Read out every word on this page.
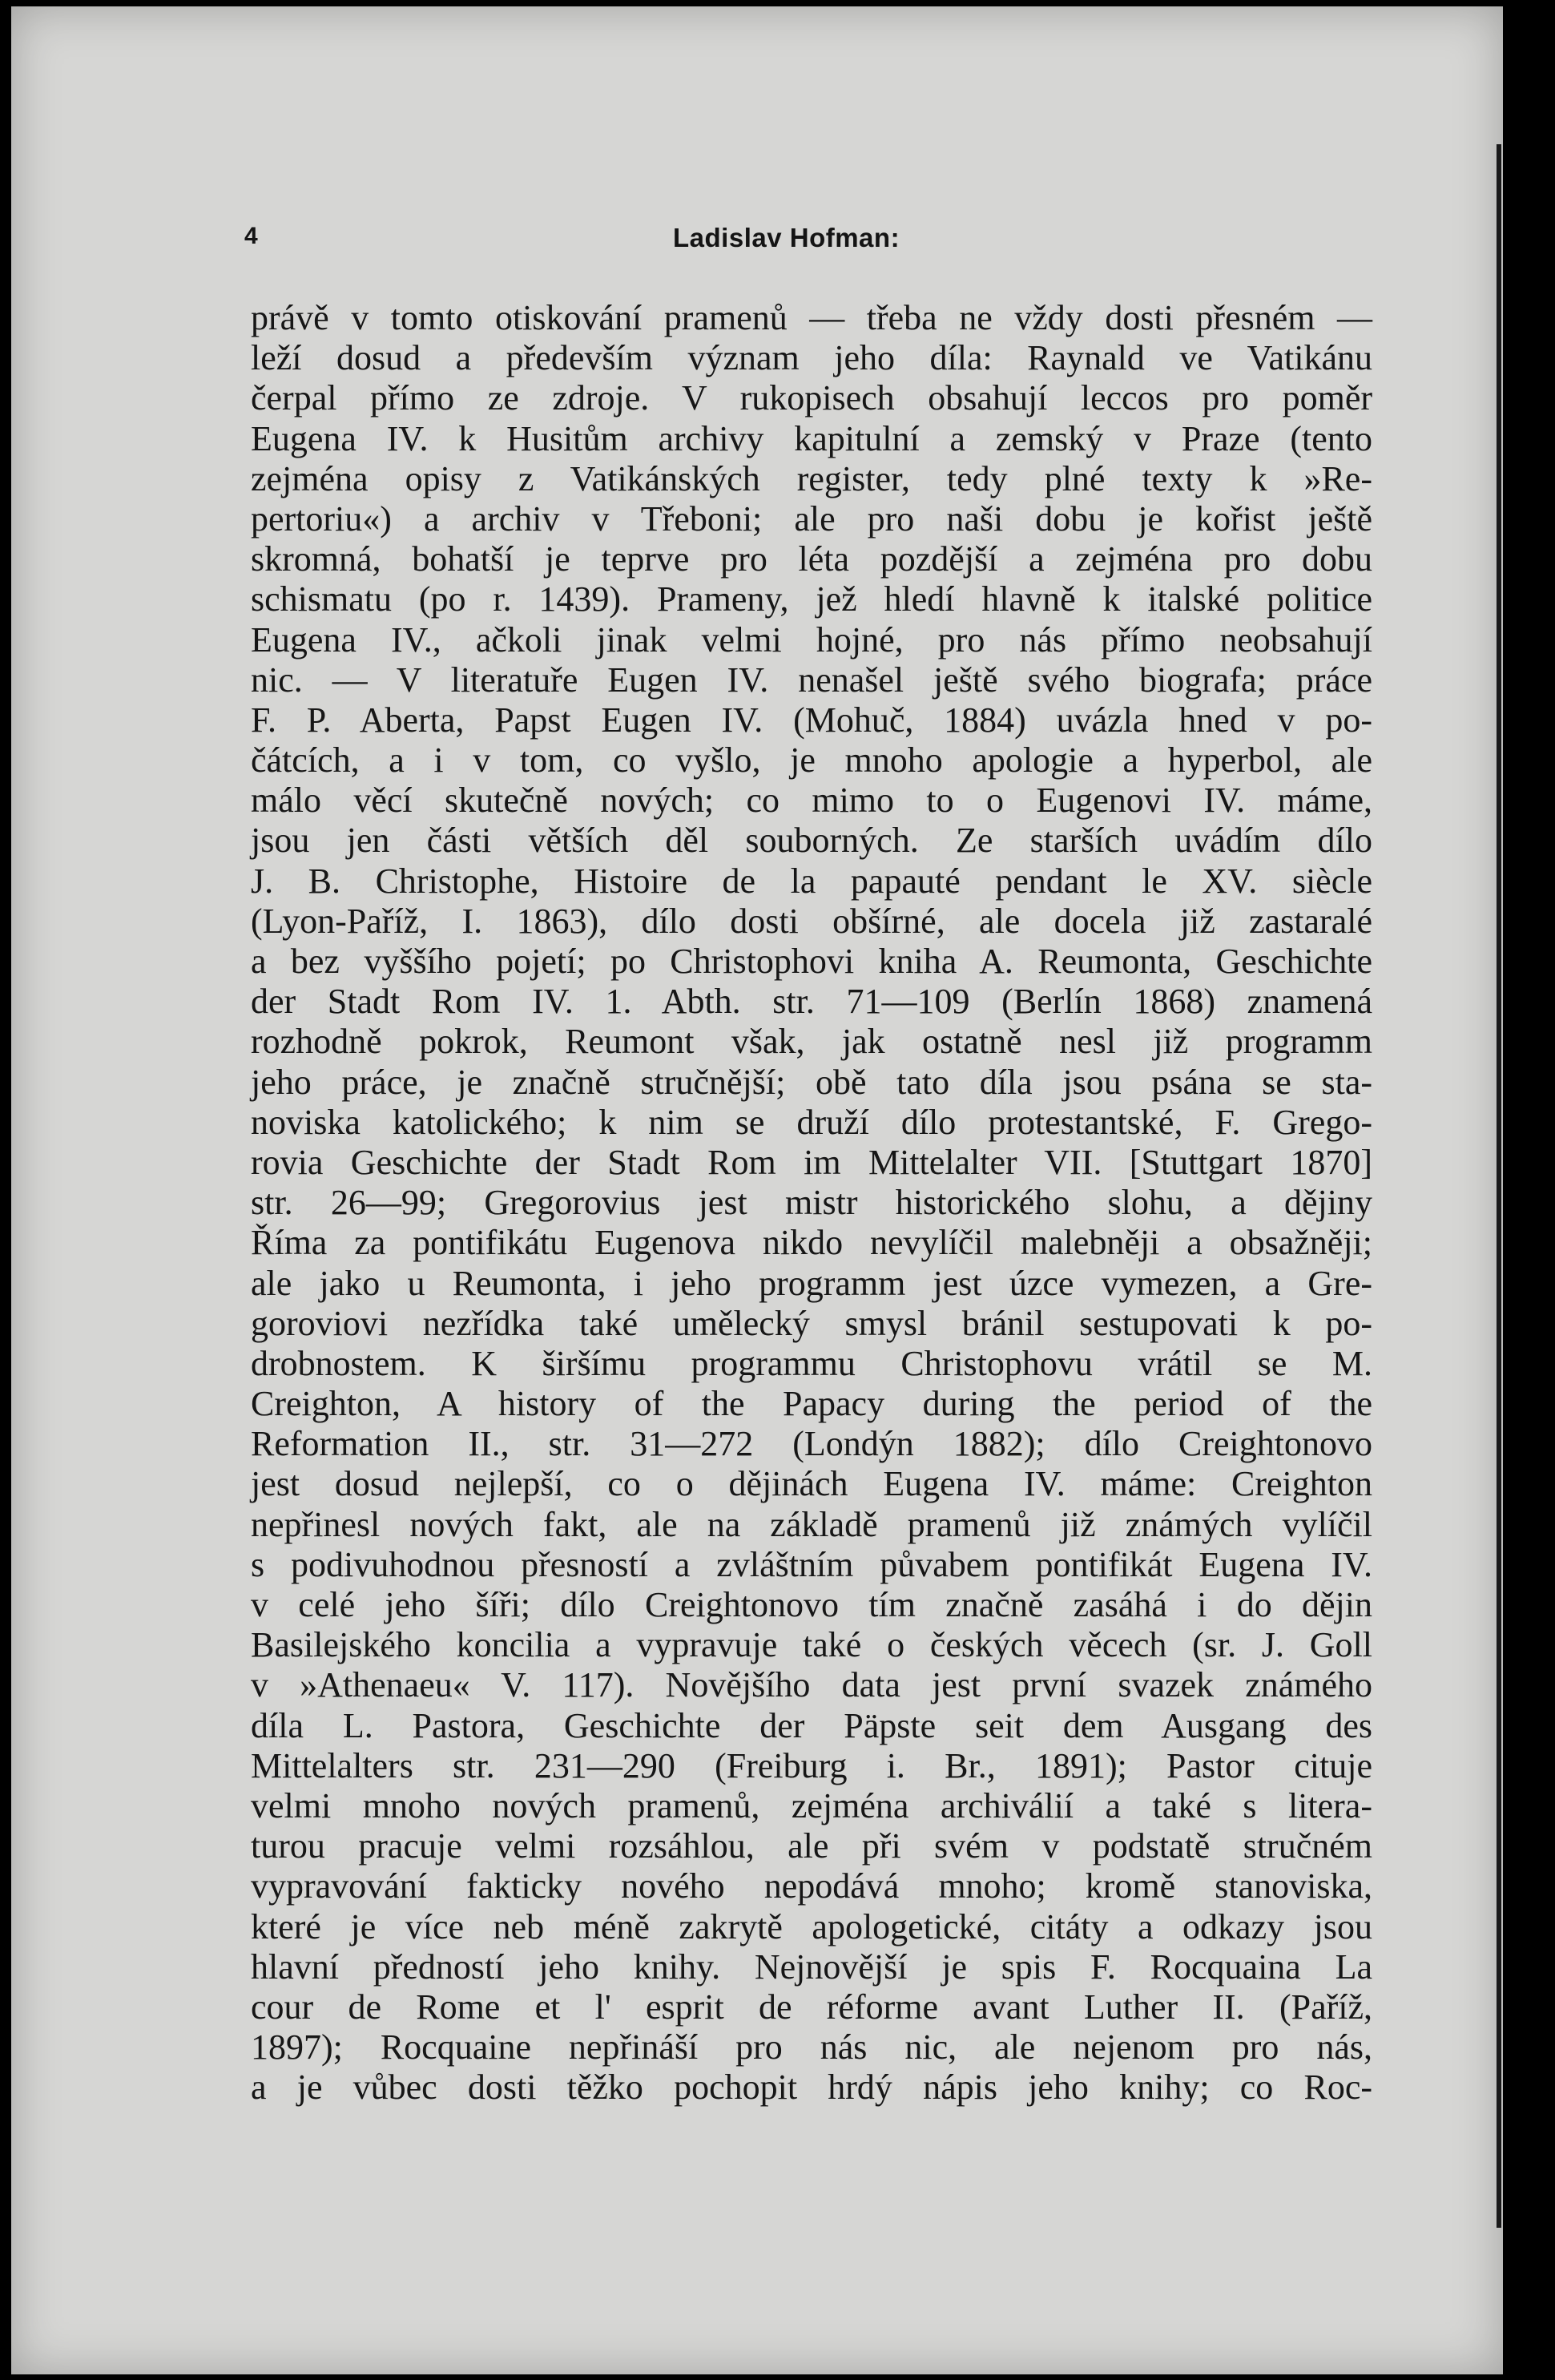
4	Ladislav Hofman:
právě v tomto otiskování pramenů — třeba ne vždy dosti přesném —
leží dosud a především význam jeho díla: Raynald ve Vatikánu
čerpal přímo ze zdroje. V rukopisech obsahují leccos pro poměr
Eugena IV. k Husitům archivy kapitulní a zemský v Praze (tento
zejména opisy z Vatikánských register, tedy plné texty k »Re-
pertoriu«) a archiv v Třeboni; ale pro naši dobu je kořist ještě
skromná, bohatší je teprve pro léta pozdější a zejména pro dobu
schismatu (po r. 1439). Prameny, jež hledí hlavně k italské politice
Eugena IV., ačkoli jinak velmi hojné, pro nás přímo neobsahují
nic. — V literatuře Eugen IV. nenašel ještě svého biografa; práce
F. P. Aberta, Papst Eugen IV. (Mohuč, 1884) uvázla hned v po-
čátcích, a i v tom, co vyšlo, je mnoho apologie a hyperbol, ale
málo věcí skutečně nových; co mimo to o Eugenovi IV. máme,
jsou jen části větších děl souborných. Ze starších uvádím dílo
J. B. Christophe, Histoire de la papauté pendant le XV. siècle
(Lyon-Paříž, I. 1863), dílo dosti obšírné, ale docela již zastaralé
a bez vyššího pojetí; po Christophovi kniha A. Reumonta, Geschichte
der Stadt Rom IV. 1. Abth. str. 71—109 (Berlín 1868) znamená
rozhodně pokrok, Reumont však, jak ostatně nesl již programm
jeho práce, je značně stručnější; obě tato díla jsou psána se sta-
noviska katolického; k nim se druží dílo protestantské, F. Grego-
rovia Geschichte der Stadt Rom im Mittelalter VII. [Stuttgart 1870]
str. 26—99; Gregorovius jest mistr historického slohu, a dějiny
Říma za pontifikátu Eugenova nikdo nevylíčil malebněji a obsažněji;
ale jako u Reumonta, i jeho programm jest úzce vymezen, a Gre-
goroviovi nezřídka také umělecký smysl bránil sestupovati k po-
drobnostem. K širšímu programmu Christophovu vrátil se M.
Creighton, A history of the Papacy during the period of the
Reformation II., str. 31—272 (Londýn 1882); dílo Creightonovo
jest dosud nejlepší, co o dějinách Eugena IV. máme: Creighton
nepřinesl nových fakt, ale na základě pramenů již známých vylíčil
s podivuhodnou přesností a zvláštním půvabem pontifikát Eugena IV.
v celé jeho šíři; dílo Creightonovo tím značně zasáhá i do dějin
Basilejského koncilia a vypravuje také o českých věcech (sr. J. Goll
v »Athenaeu« V. 117). Novějšího data jest první svazek známého
díla L. Pastora, Geschichte der Päpste seit dem Ausgang des
Mittelalters str. 231—290 (Freiburg i. Br., 1891); Pastor cituje
velmi mnoho nových pramenů, zejména archiválií a také s litera-
turou pracuje velmi rozsáhlou, ale při svém v podstatě stručném
vypravování fakticky nového nepodává mnoho; kromě stanoviska,
které je více neb méně zakrytě apologetické, citáty a odkazy jsou
hlavní předností jeho knihy. Nejnovější je spis F. Rocquaina La
cour de Rome et l' esprit de réforme avant Luther II. (Paříž,
1897); Rocquaine nepřináší pro nás nic, ale nejenom pro nás,
a je vůbec dosti těžko pochopit hrdý nápis jeho knihy; co Roc-
